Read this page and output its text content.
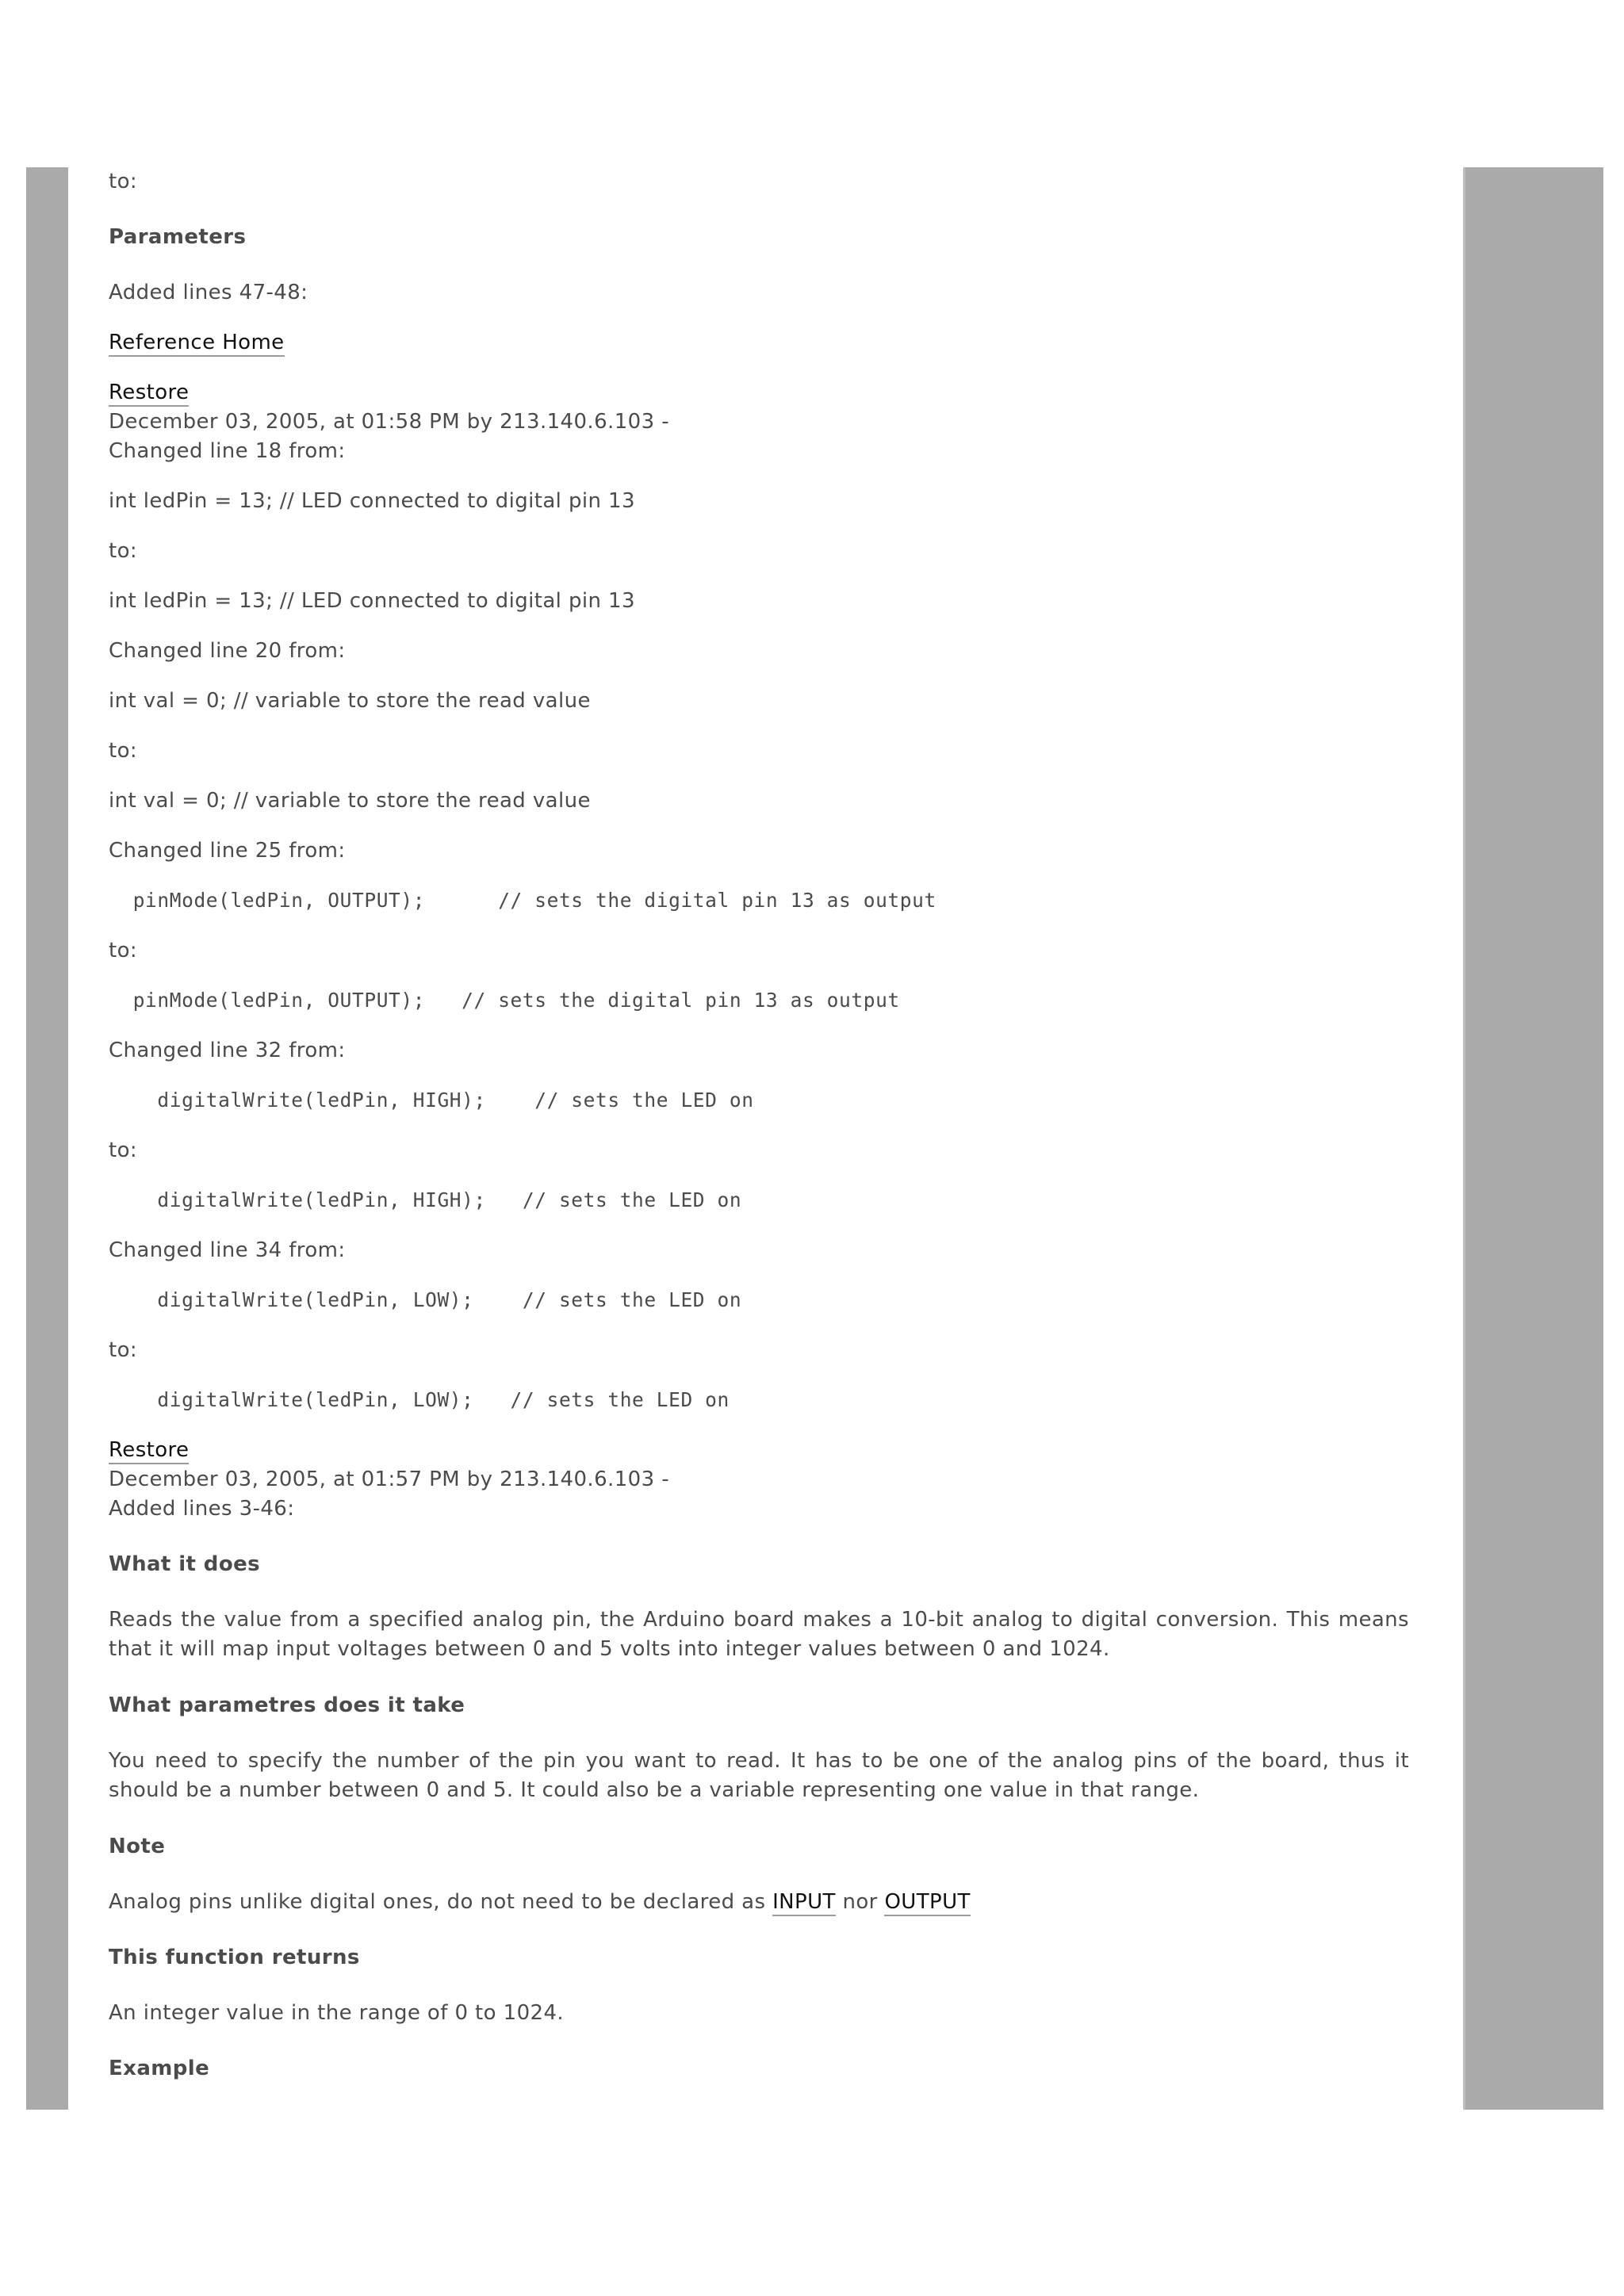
to:
Parameters
Added lines 47-48:
Reference Home
Restore
December 03, 2005, at 01:58 PM by 213.140.6.103 -
Changed line 18 from:
int ledPin = 13; // LED connected to digital pin 13
to:
int ledPin = 13; // LED connected to digital pin 13
Changed line 20 from:
int val = 0; // variable to store the read value
to:
int val = 0; // variable to store the read value
Changed line 25 from:
pinMode(ledPin, OUTPUT);      // sets the digital pin 13 as output
to:
pinMode(ledPin, OUTPUT);   // sets the digital pin 13 as output
Changed line 32 from:
digitalWrite(ledPin, HIGH);    // sets the LED on
to:
digitalWrite(ledPin, HIGH);   // sets the LED on
Changed line 34 from:
digitalWrite(ledPin, LOW);    // sets the LED on
to:
digitalWrite(ledPin, LOW);   // sets the LED on
Restore
December 03, 2005, at 01:57 PM by 213.140.6.103 -
Added lines 3-46:
What it does
Reads the value from a specified analog pin, the Arduino board makes a 10-bit analog to digital conversion. This means that it will map input voltages between 0 and 5 volts into integer values between 0 and 1024.
What parametres does it take
You need to specify the number of the pin you want to read. It has to be one of the analog pins of the board, thus it should be a number between 0 and 5. It could also be a variable representing one value in that range.
Note
Analog pins unlike digital ones, do not need to be declared as INPUT nor OUTPUT
This function returns
An integer value in the range of 0 to 1024.
Example
